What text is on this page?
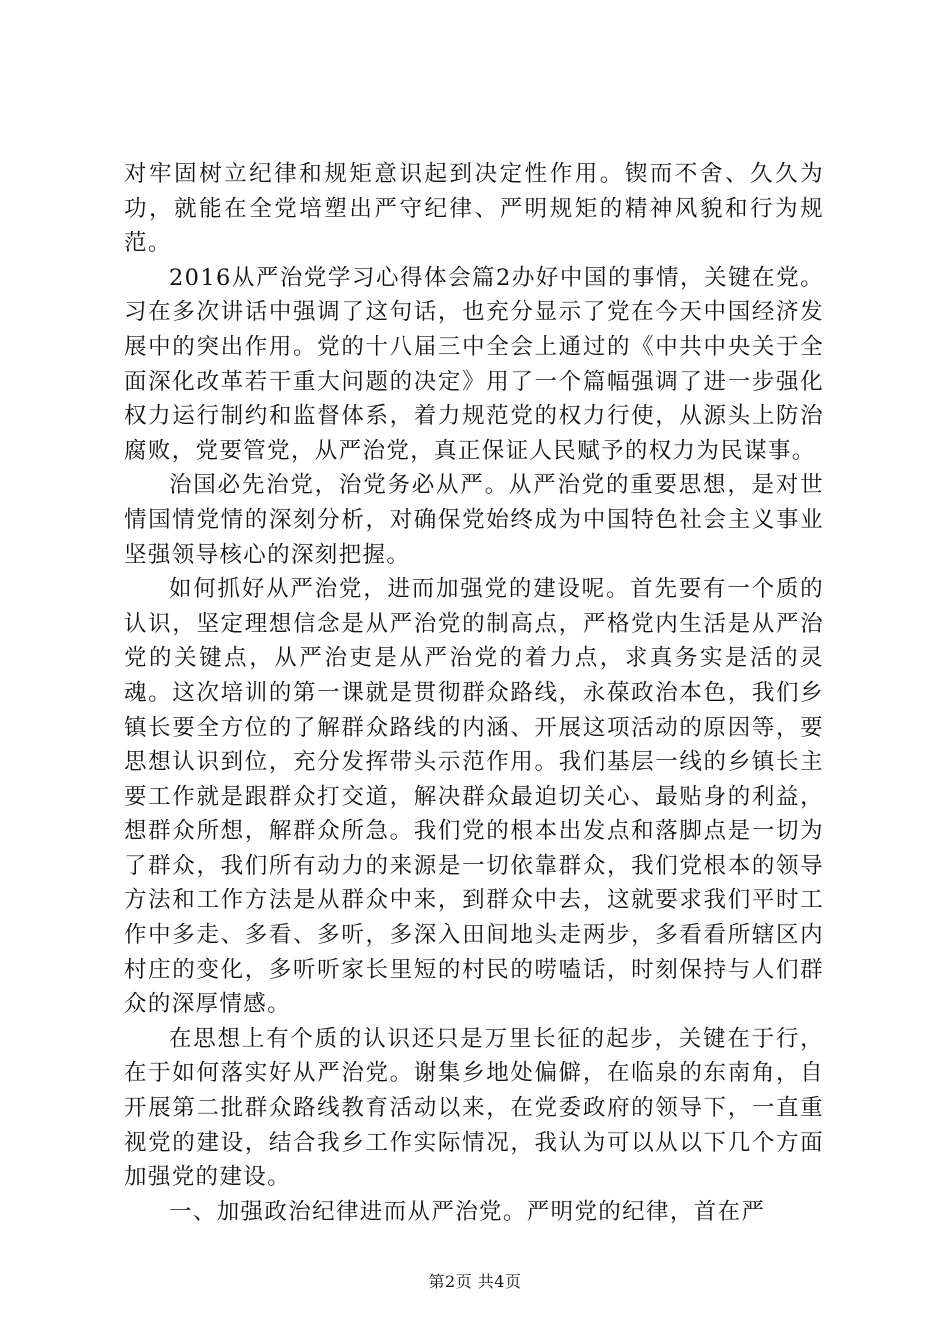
对牢固树立纪律和规矩意识起到决定性作用。锲而不舍、久久为功，就能在全党培塑出严守纪律、严明规矩的精神风貌和行为规范。

2016从严治党学习心得体会篇2办好中国的事情，关键在党。习在多次讲话中强调了这句话，也充分显示了党在今天中国经济发展中的突出作用。党的十八届三中全会上通过的《中共中央关于全面深化改革若干重大问题的决定》用了一个篇幅强调了进一步强化权力运行制约和监督体系，着力规范党的权力行使，从源头上防治腐败，党要管党，从严治党，真正保证人民赋予的权力为民谋事。

治国必先治党，治党务必从严。从严治党的重要思想，是对世情国情党情的深刻分析，对确保党始终成为中国特色社会主义事业坚强领导核心的深刻把握。

如何抓好从严治党，进而加强党的建设呢。首先要有一个质的认识，坚定理想信念是从严治党的制高点，严格党内生活是从严治党的关键点，从严治吏是从严治党的着力点，求真务实是活的灵魂。这次培训的第一课就是贯彻群众路线，永葆政治本色，我们乡镇长要全方位的了解群众路线的内涵、开展这项活动的原因等，要思想认识到位，充分发挥带头示范作用。我们基层一线的乡镇长主要工作就是跟群众打交道，解决群众最迫切关心、最贴身的利益，想群众所想，解群众所急。我们党的根本出发点和落脚点是一切为了群众，我们所有动力的来源是一切依靠群众，我们党根本的领导方法和工作方法是从群众中来，到群众中去，这就要求我们平时工作中多走、多看、多听，多深入田间地头走两步，多看看所辖区内村庄的变化，多听听家长里短的村民的唠嗑话，时刻保持与人们群众的深厚情感。

在思想上有个质的认识还只是万里长征的起步，关键在于行，在于如何落实好从严治党。谢集乡地处偏僻，在临泉的东南角，自开展第二批群众路线教育活动以来，在党委政府的领导下，一直重视党的建设，结合我乡工作实际情况，我认为可以从以下几个方面加强党的建设。

一、加强政治纪律进而从严治党。严明党的纪律，首在严

第2页 共4页
